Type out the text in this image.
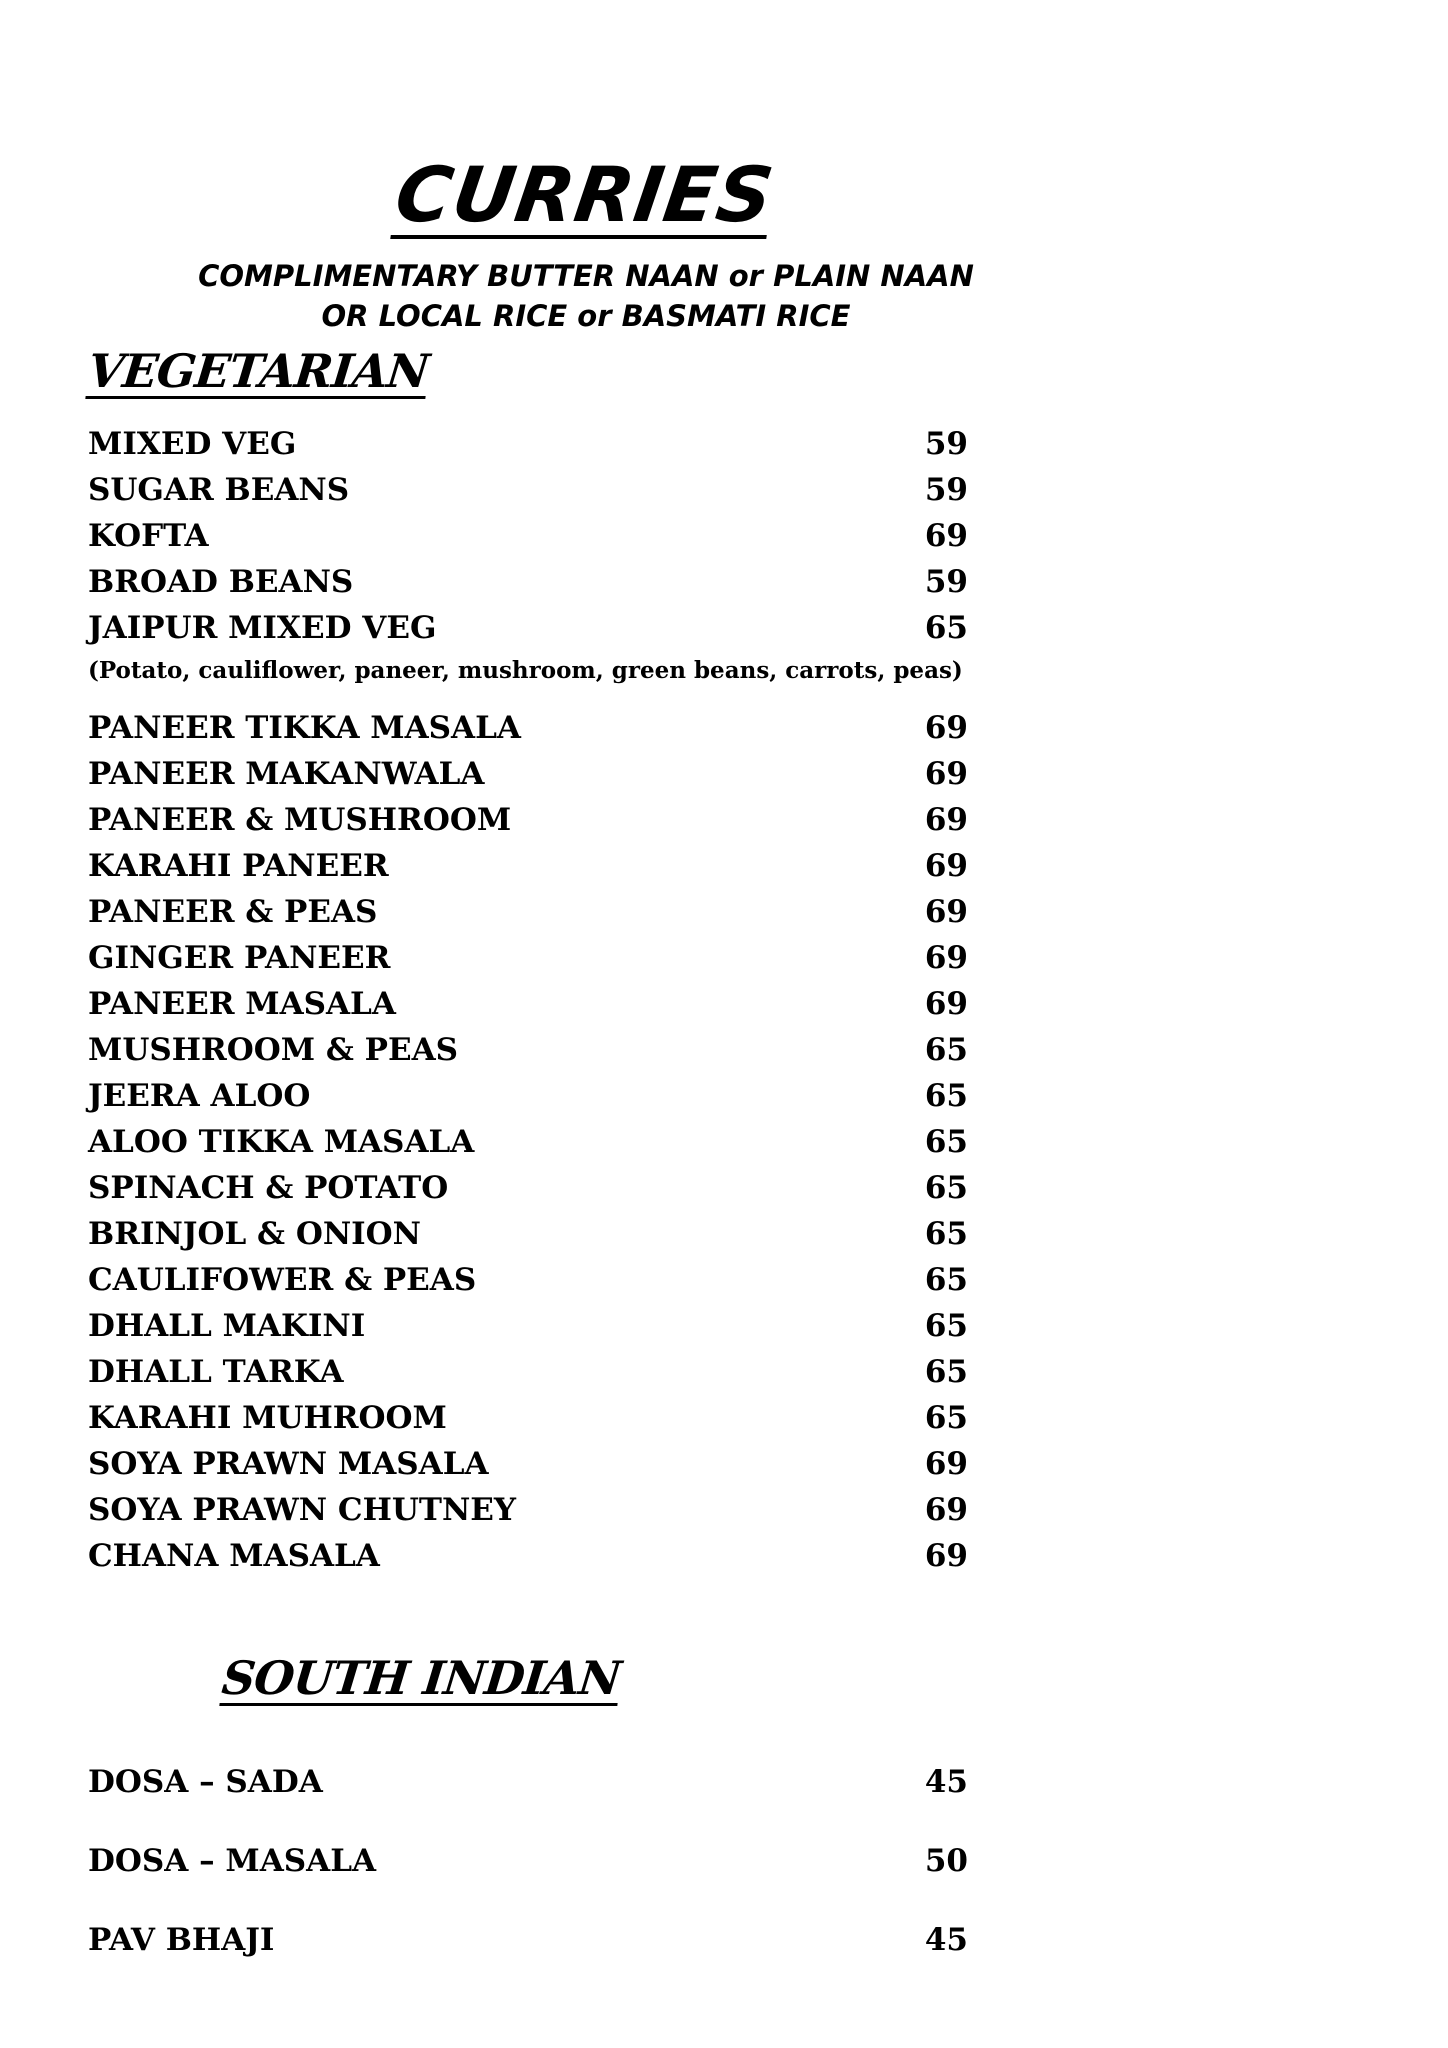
CURRIES
COMPLIMENTARY BUTTER NAAN or PLAIN NAAN
OR LOCAL RICE or BASMATI RICE
VEGETARIAN
MIXED VEG	59
SUGAR BEANS	59
KOFTA	69
BROAD BEANS	59
JAIPUR MIXED VEG	65
(Potato, cauliflower, paneer, mushroom, green beans, carrots, peas)
PANEER TIKKA MASALA	69
PANEER MAKANWALA	69
PANEER & MUSHROOM	69
KARAHI PANEER	69
PANEER & PEAS	69
GINGER PANEER	69
PANEER MASALA	69
MUSHROOM & PEAS	65
JEERA ALOO	65
ALOO TIKKA MASALA	65
SPINACH & POTATO	65
BRINJOL & ONION	65
CAULIFOWER & PEAS	65
DHALL MAKINI	65
DHALL TARKA	65
KARAHI MUHROOM	65
SOYA PRAWN MASALA	69
SOYA PRAWN CHUTNEY	69
CHANA MASALA	69
SOUTH INDIAN
DOSA – SADA	45
DOSA – MASALA	50
PAV BHAJI	45
